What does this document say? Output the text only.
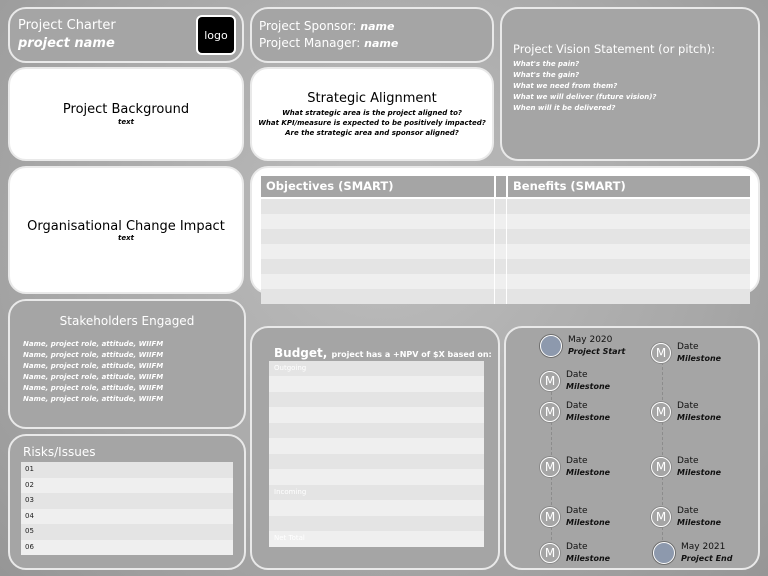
Project Charter
project name
logo
Project Sponsor: name
Project Manager: name	Project Vision Statement (or pitch):
What's the pain?
What's the gain?
What we need from them?
What we will deliver (future vision)?
When will it be delivered?
Project Background
text
Strategic Alignment
What strategic area is the project aligned to?
What KPI/measure is expected to be positively impacted?
Are the strategic area and sponsor aligned?
Organisational Change Impact
text
Objectives (SMART)	Benefits (SMART)
Stakeholders Engaged
Name, project role, attitude, WIIFM
Name, project role, attitude, WIIFM
Name, project role, attitude, WIIFM
Name, project role, attitude, WIIFM
Name, project role, attitude, WIIFM
Name, project role, attitude, WIIFM
Risks/Issues
01
02
03
04
05
06
Budget, project has a +NPV of $X based on:
Outgoing
Incoming
Net Total
May 2020
Project Start
M	Date
Milestone
M	Date
Milestone
M	Date
Milestone
M	Date
Milestone
M	Date
Milestone
M	Date
Milestone
M	Date
Milestone
M	Date
Milestone
M	Date
Milestone
May 2021
Project End
